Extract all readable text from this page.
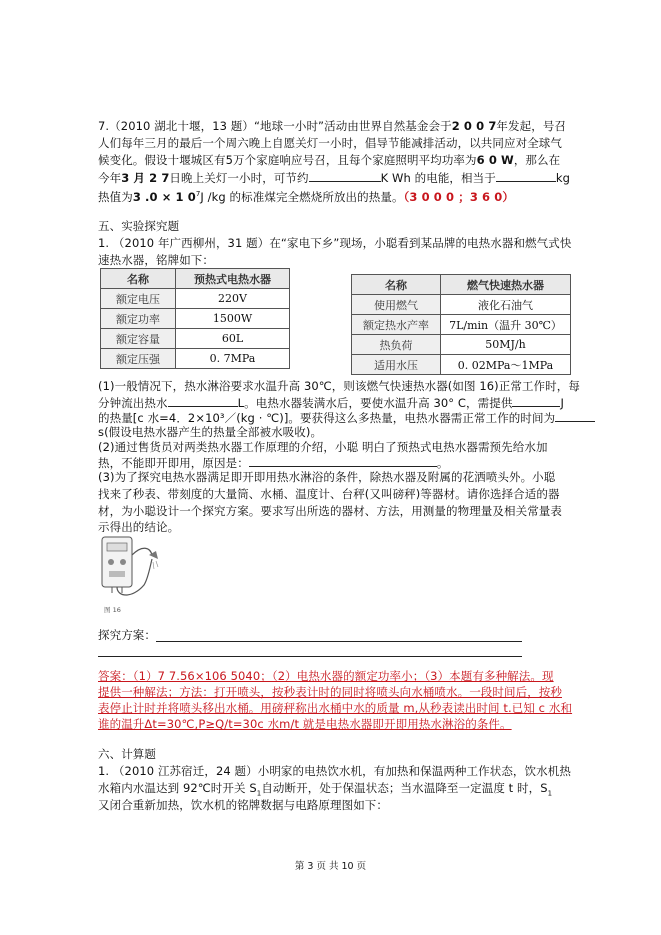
7.（2010 湖北十堰，13 题）“地球一小时”活动由世界自然基金会于2 0 0 7年发起，号召
人们每年三月的最后一个周六晚上自愿关灯一小时，倡导节能减排活动，以共同应对全球气
候变化。假设十堰城区有5万个家庭响应号召，且每个家庭照明平均功率为6 0 W，那么在
今年3 月 2 7日晚上关灯一小时，可节约	K Wh 的电能，相当于	kg
热值为3 .0 × 1 $0^7J$ /kg 的标准煤完全燃烧所放出的热量。（3 0 0 0 ；3 6 0）
五、实验探究题
1. （2010 年广西柳州，31 题）在“家电下乡”现场，小聪看到某品牌的电热水器和燃气式快
速热水器，铭牌如下：
名称	预热式电热水器
额定电压	220V
额定功率	1500W
额定容量	60L
额定压强	0. 7MPa
名称	燃气快速热水器
使用燃气	液化石油气
额定热水产率	7L/min（温升 30℃）
热负荷	50MJ/h
适用水压	0. 02MPa～1MPa
(1)一般情况下，热水淋浴要求水温升高 30℃，则该燃气快速热水器(如图 16)正常工作时，每
分钟流出热水	L。电热水器装满水后，要使水温升高 30° C，需提供	J
的热量[c 水=4．2×10³／(kg · ℃)]。要获得这么多热量，电热水器需正常工作的时间为
s(假设电热水器产生的热量全部被水吸收)。
(2)通过售货员对两类热水器工作原理的介绍，小聪 明白了预热式电热水器需预先给水加
热，不能即开即用，原因是：	。
(3)为了探究电热水器满足即开即用热水淋浴的条件，除热水器及附属的花洒喷头外。小聪
找来了秒表、带刻度的大量筒、水桶、温度计、台秤(又叫磅秤)等器材。请你选择合适的器
材，为小聪设计一个探究方案。要求写出所选的器材、方法，用测量的物理量及相关常量表
示得出的结论。
图 16
探究方案：
答案：（1）7 7.56×106 5040；（2）电热水器的额定功率小；（3）本题有多种解法。现
提供一种解法；方法：打开喷头，按秒表计时的同时将喷头向水桶喷水。一段时间后，按秒
表停止计时并将喷头移出水桶。用磅秤称出水桶中水的质量 m,从秒表读出时间 t.已知 c 水和
谁的温升Δt=30℃,P≥Q/t=30c 水m/t 就是电热水器即开即用热水淋浴的条件。
六、计算题
1. （2010 江苏宿迁，24 题）小明家的电热饮水机，有加热和保温两种工作状态，饮水机热
水箱内水温达到 92℃时开关 $S_1$自动断开，处于保温状态；当水温降至一定温度 t 时，$S_1$
又闭合重新加热，饮水机的铭牌数据与电路原理图如下：
第 3 页 共 10 页
